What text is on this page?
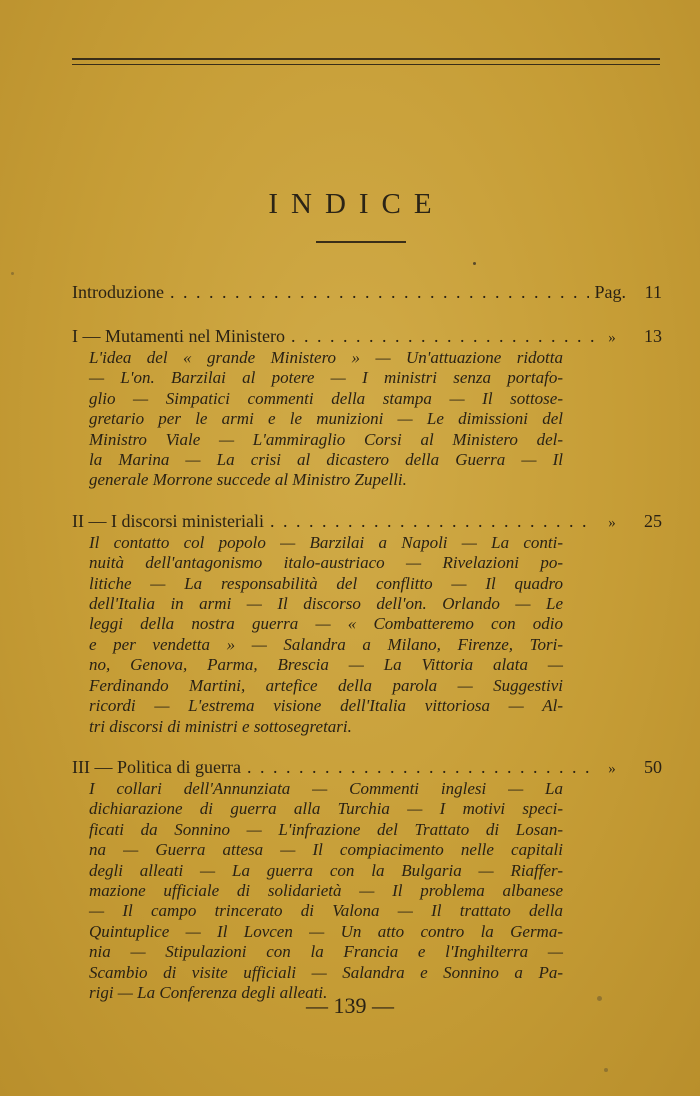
INDICE
Introduzione . . .	Pag. 11
I — Mutamenti nel Ministero . . .	»	13
L'idea del « grande Ministero » — Un'attuazione ridotta
— L'on. Barzilai al potere — I ministri senza portafo-
glio — Simpatici commenti della stampa — Il sottose-
gretario per le armi e le munizioni — Le dimissioni del
Ministro Viale — L'ammiraglio Corsi al Ministero del-
la Marina — La crisi al dicastero della Guerra — Il
generale Morrone succede al Ministro Zupelli.
II — I discorsi ministeriali . . .	»	25
Il contatto col popolo — Barzilai a Napoli — La conti-
nuità dell'antagonismo italo-austriaco — Rivelazioni po-
litiche — La responsabilità del conflitto — Il quadro
dell'Italia in armi — Il discorso dell'on. Orlando — Le
leggi della nostra guerra — « Combatteremo con odio
e per vendetta » — Salandra a Milano, Firenze, Tori-
no, Genova, Parma, Brescia — La Vittoria alata —
Ferdinando Martini, artefice della parola — Suggestivi
ricordi — L'estrema visione dell'Italia vittoriosa — Al-
tri discorsi di ministri e sottosegretari.
III — Politica di guerra . . .	»	50
I collari dell'Annunziata — Commenti inglesi — La
dichiarazione di guerra alla Turchia — I motivi speci-
ficati da Sonnino — L'infrazione del Trattato di Losan-
na — Guerra attesa — Il compiacimento nelle capitali
degli alleati — La guerra con la Bulgaria — Riaffer-
mazione ufficiale di solidarietà — Il problema albanese
— Il campo trincerato di Valona — Il trattato della
Quintuplice — Il Lovcen — Un atto contro la Germa-
nia — Stipulazioni con la Francia e l'Inghilterra —
Scambio di visite ufficiali — Salandra e Sonnino a Pa-
rigi — La Conferenza degli alleati.
— 139 —
